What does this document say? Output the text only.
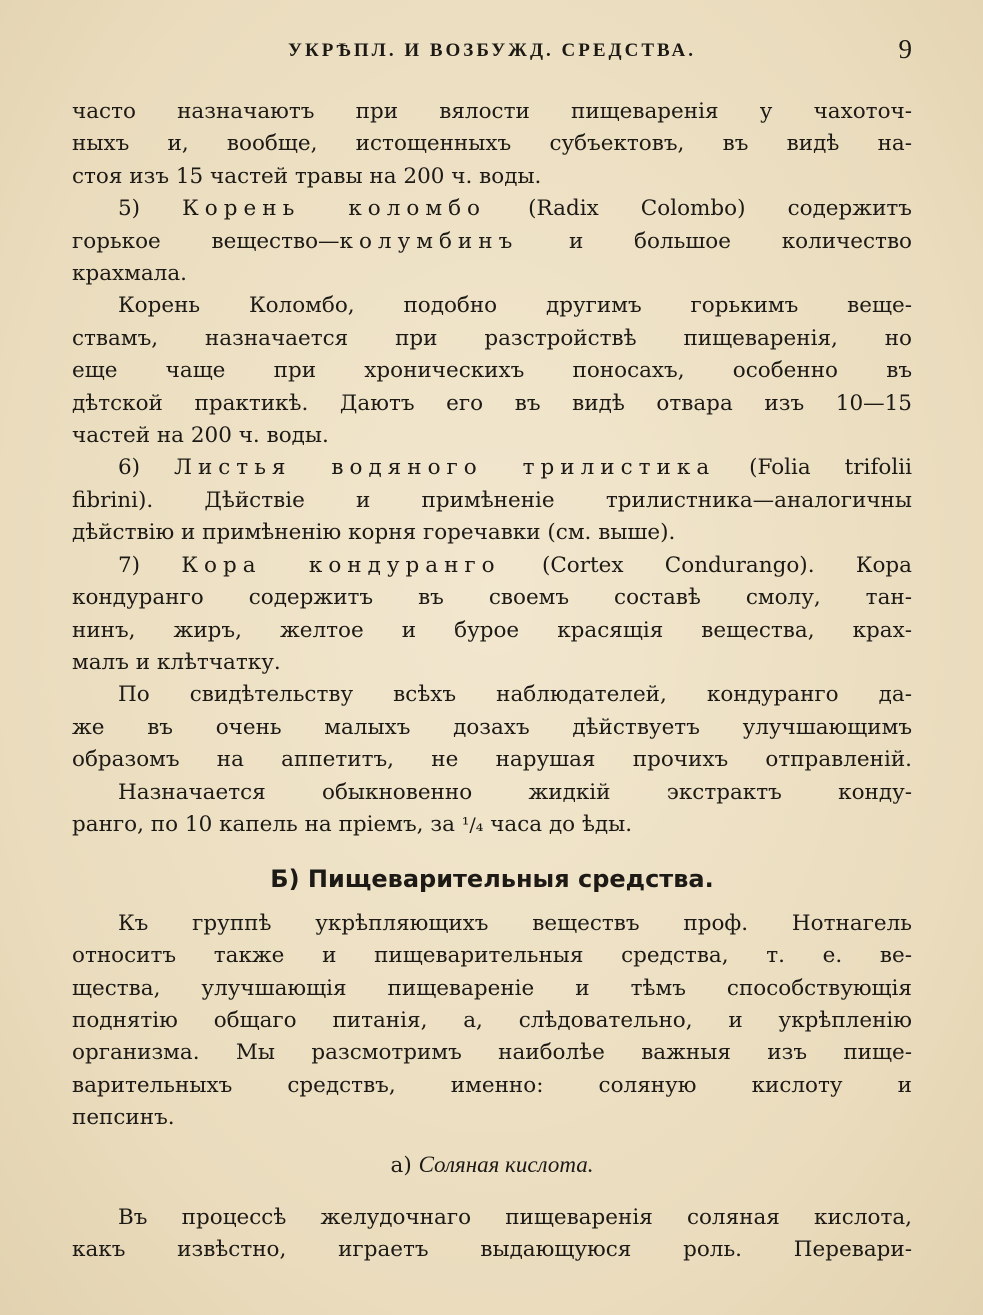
УКРѢПЛ. И ВОЗБУЖД. СРЕДСТВА.	9

часто назначаютъ при вялости пищеваренія у чахоточ-

ныхъ и, вообще, истощенныхъ субъектовъ, въ видѣ на-

стоя изъ 15 частей травы на 200 ч. воды.

5) Корень коломбо (Radix Colombo) содержитъ

горькое вещество—колумбинъ и большое количество

крахмала.

Корень Коломбо, подобно другимъ горькимъ веще-

ствамъ, назначается при разстройствѣ пищеваренія, но

еще чаще при хроническихъ поносахъ, особенно въ

дѣтской практикѣ. Даютъ его въ видѣ отвара изъ 10—15

частей на 200 ч. воды.

6) Листья водяного трилистика (Folia trifolii

fibrini). Дѣйствіе и примѣненіе трилистника—аналогичны

дѣйствію и примѣненію корня горечавки (см. выше).

7) Кора кондуранго (Cortex Condurango). Кора

кондуранго содержитъ въ своемъ составѣ смолу, тан-

нинъ, жиръ, желтое и бурое красящія вещества, крах-

малъ и клѣтчатку.

По свидѣтельству всѣхъ наблюдателей, кондуранго да-

же въ очень малыхъ дозахъ дѣйствуетъ улучшающимъ

образомъ на аппетитъ, не нарушая прочихъ отправленій.

Назначается обыкновенно жидкій экстрактъ конду-

ранго, по 10 капель на пріемъ, за ¹/₄ часа до ѣды.

Б) Пищеварительныя средства.

Къ группѣ укрѣпляющихъ веществъ проф. Нотнагель

относитъ также и пищеварительныя средства, т. е. ве-

щества, улучшающія пищевареніе и тѣмъ способствующія

поднятію общаго питанія, а, слѣдовательно, и укрѣпленію

организма. Мы разсмотримъ наиболѣе важныя изъ пище-

варительныхъ средствъ, именно: соляную кислоту и

пепсинъ.

а) Соляная кислота.

Въ процессѣ желудочнаго пищеваренія соляная кислота,

какъ извѣстно, играетъ выдающуюся роль. Перевари-
